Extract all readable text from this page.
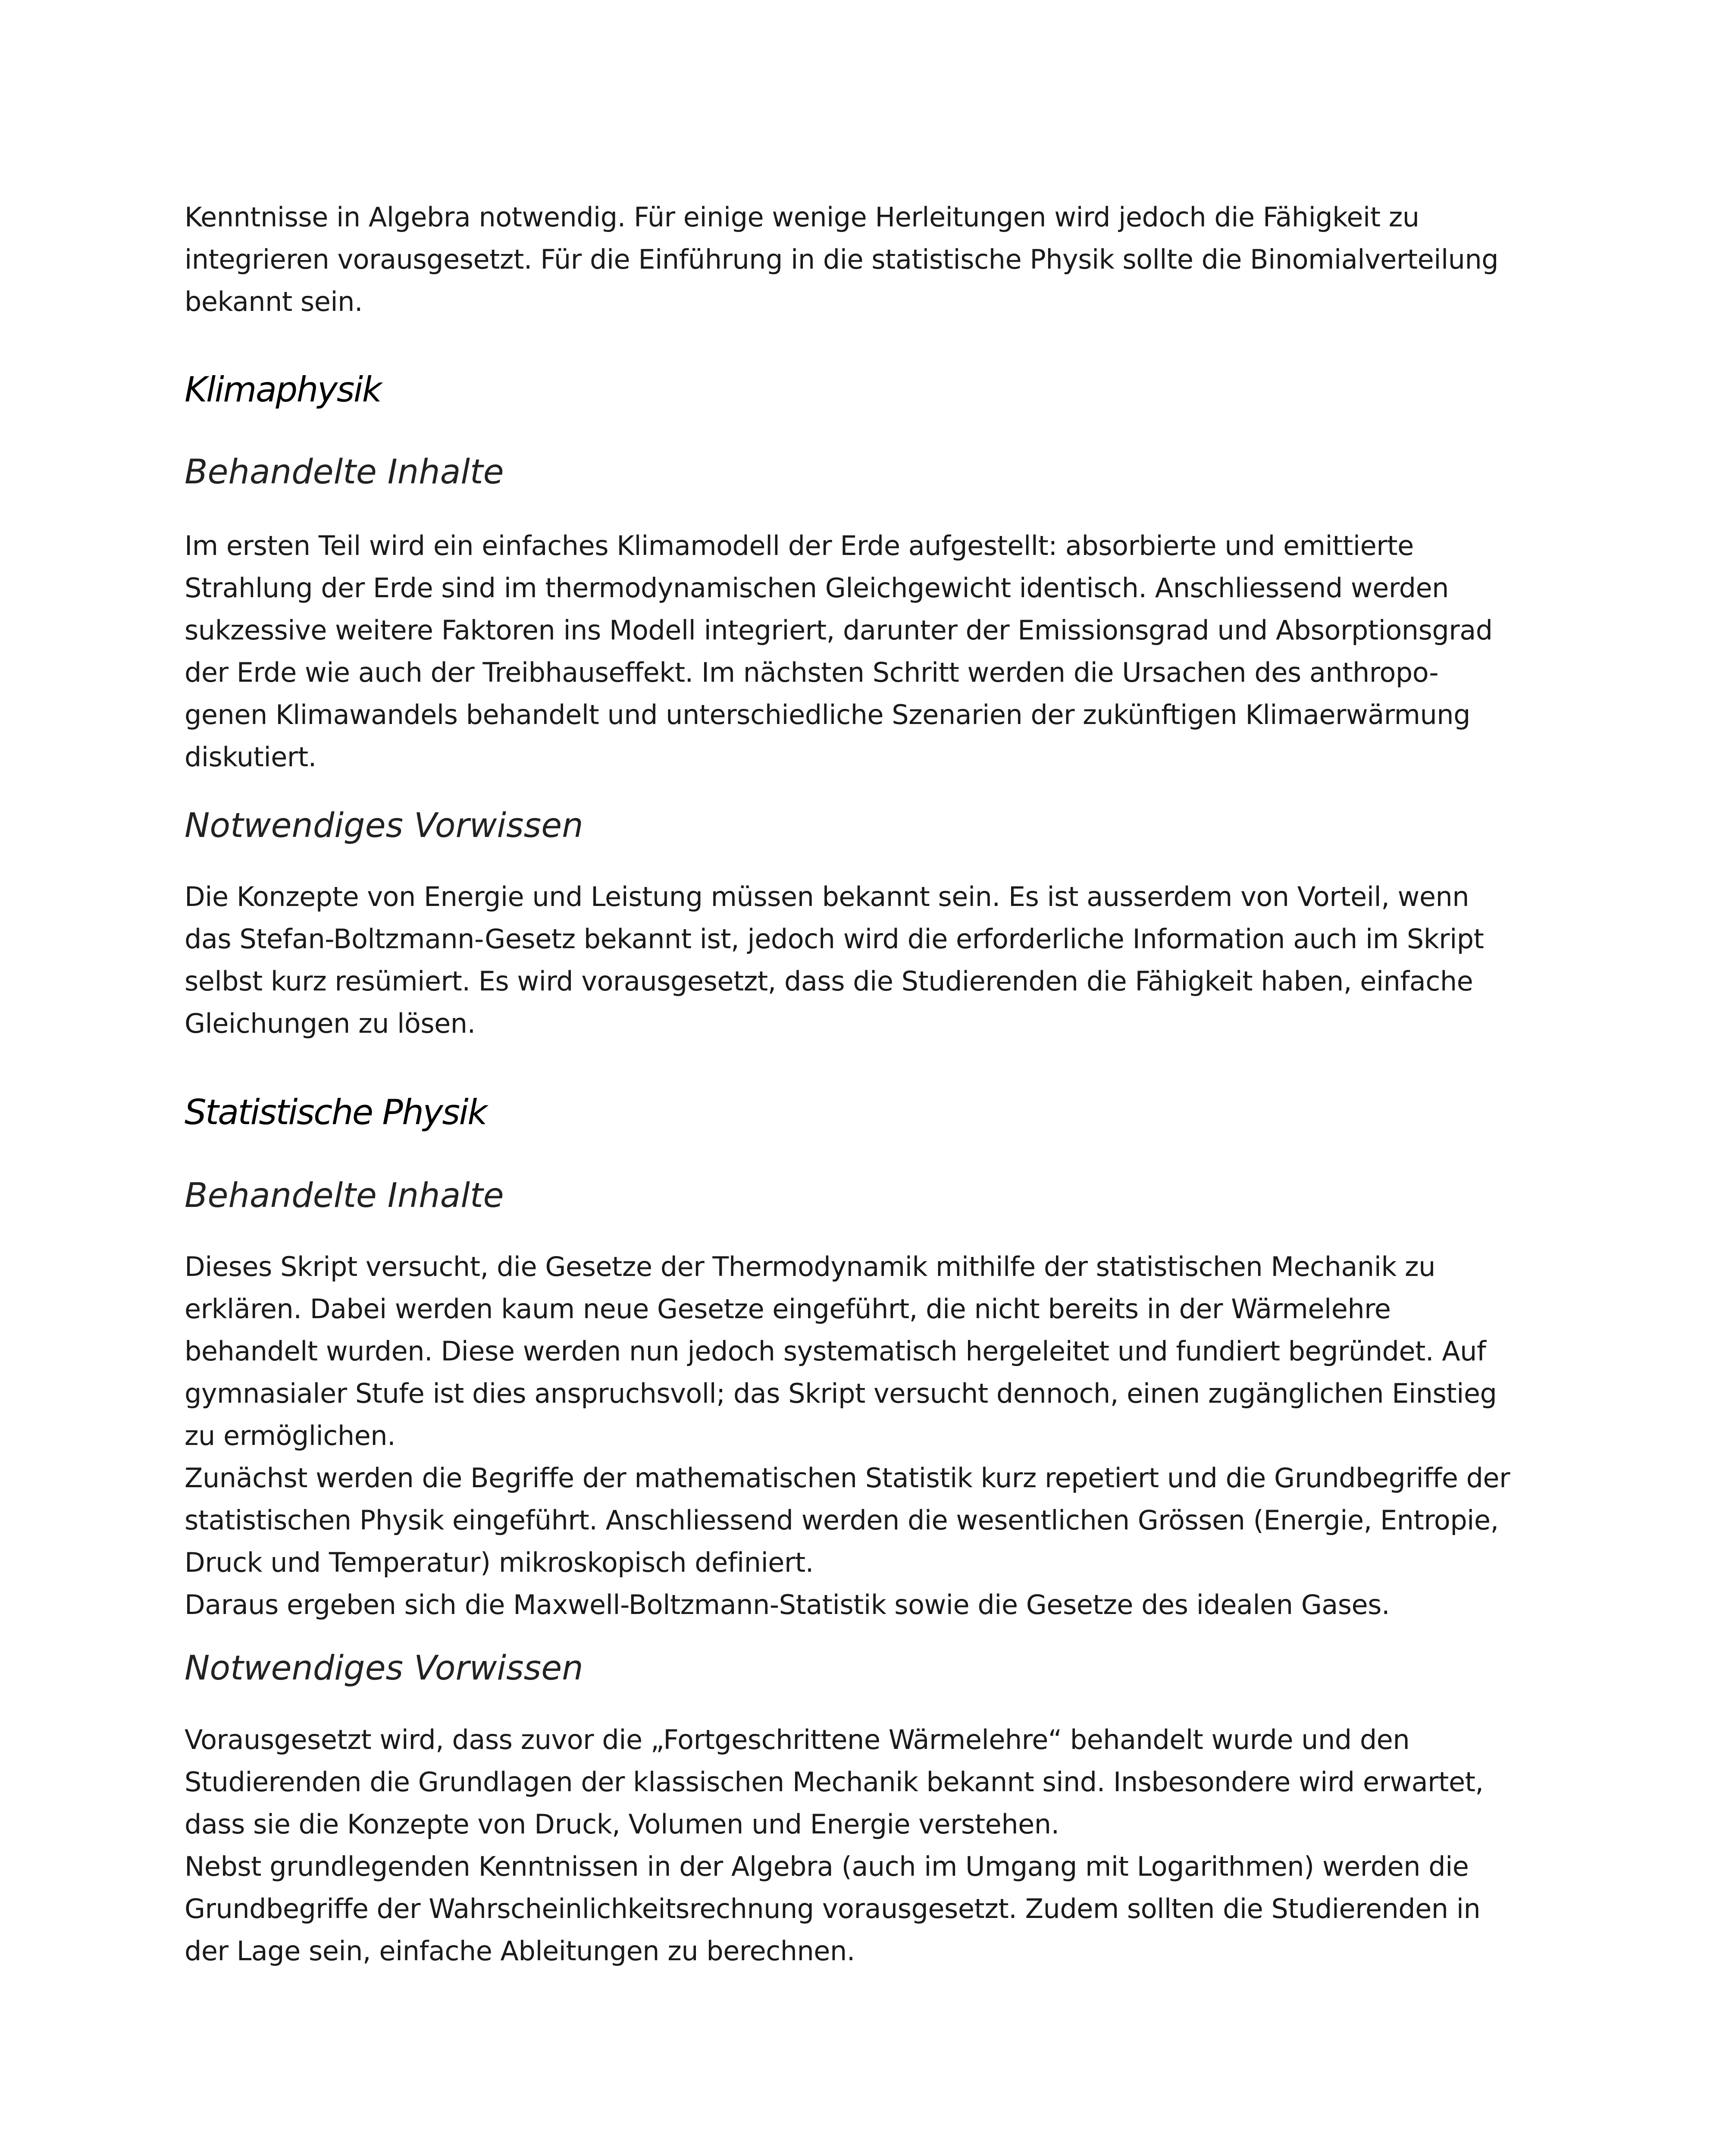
Kenntnisse in Algebra notwendig. Für einige wenige Herleitungen wird jedoch die Fähigkeit zu
integrieren vorausgesetzt. Für die Einführung in die statistische Physik sollte die Binomialverteilung
bekannt sein.

Klimaphysik
Behandelte Inhalte

Im ersten Teil wird ein einfaches Klimamodell der Erde aufgestellt: absorbierte und emittierte
Strahlung der Erde sind im thermodynamischen Gleichgewicht identisch. Anschliessend werden
sukzessive weitere Faktoren ins Modell integriert, darunter der Emissionsgrad und Absorptionsgrad
der Erde wie auch der Treibhauseffekt. Im nächsten Schritt werden die Ursachen des anthropo-
genen Klimawandels behandelt und unterschiedliche Szenarien der zukünftigen Klimaerwärmung
diskutiert.

Notwendiges Vorwissen

Die Konzepte von Energie und Leistung müssen bekannt sein. Es ist ausserdem von Vorteil, wenn
das Stefan-Boltzmann-Gesetz bekannt ist, jedoch wird die erforderliche Information auch im Skript
selbst kurz resümiert. Es wird vorausgesetzt, dass die Studierenden die Fähigkeit haben, einfache
Gleichungen zu lösen.

Statistische Physik
Behandelte Inhalte

Dieses Skript versucht, die Gesetze der Thermodynamik mithilfe der statistischen Mechanik zu
erklären. Dabei werden kaum neue Gesetze eingeführt, die nicht bereits in der Wärmelehre
behandelt wurden. Diese werden nun jedoch systematisch hergeleitet und fundiert begründet. Auf
gymnasialer Stufe ist dies anspruchsvoll; das Skript versucht dennoch, einen zugänglichen Einstieg
zu ermöglichen.
Zunächst werden die Begriffe der mathematischen Statistik kurz repetiert und die Grundbegriffe der
statistischen Physik eingeführt. Anschliessend werden die wesentlichen Grössen (Energie, Entropie,
Druck und Temperatur) mikroskopisch definiert.
Daraus ergeben sich die Maxwell-Boltzmann-Statistik sowie die Gesetze des idealen Gases.

Notwendiges Vorwissen

Vorausgesetzt wird, dass zuvor die „Fortgeschrittene Wärmelehre“ behandelt wurde und den
Studierenden die Grundlagen der klassischen Mechanik bekannt sind. Insbesondere wird erwartet,
dass sie die Konzepte von Druck, Volumen und Energie verstehen.
Nebst grundlegenden Kenntnissen in der Algebra (auch im Umgang mit Logarithmen) werden die
Grundbegriffe der Wahrscheinlichkeitsrechnung vorausgesetzt. Zudem sollten die Studierenden in
der Lage sein, einfache Ableitungen zu berechnen.
